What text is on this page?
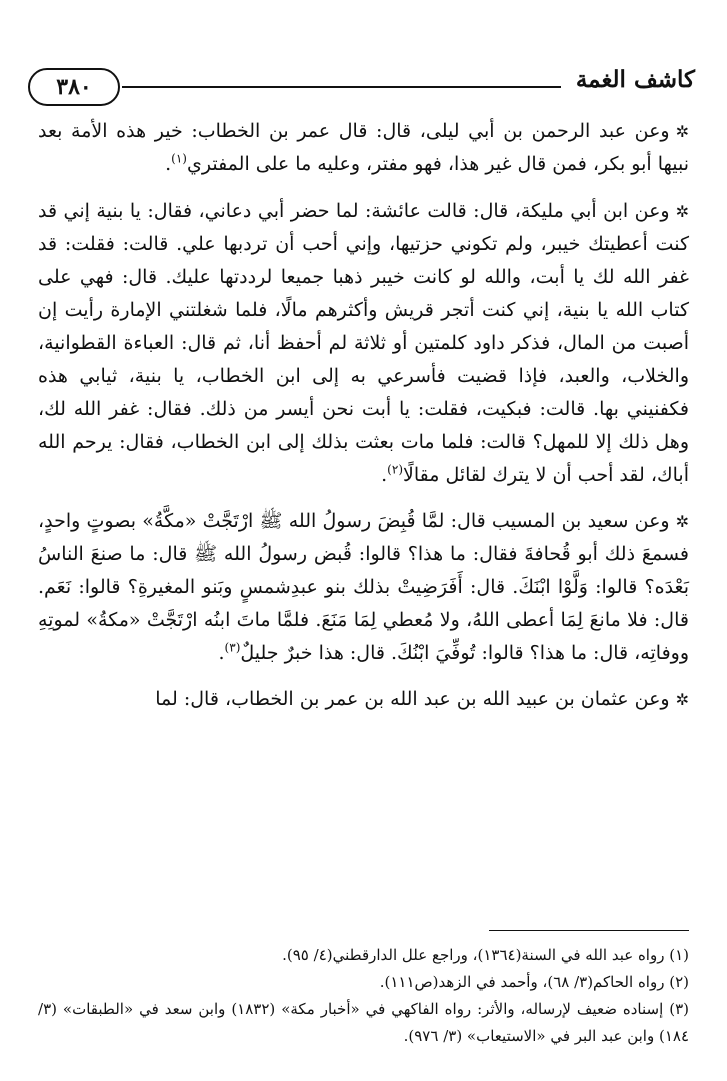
٣٨٠	كاشف الغمة

✲وعن عبد الرحمن بن أبي ليلى، قال: قال عمر بن الخطاب: خير هذه الأمة بعد نبيها أبو بكر، فمن قال غير هذا، فهو مفتر، وعليه ما على المفتري$^{(١)}$.

✲وعن ابن أبي مليكة، قال: قالت عائشة: لما حضر أبي دعاني، فقال: يا بنية إني قد كنت أعطيتك خيبر، ولم تكوني حزتيها، وإني أحب أن تردبها علي. قالت: فقلت: قد غفر الله لك يا أبت، والله لو كانت خيبر ذهبا جميعا لرددتها عليك. قال: فهي على كتاب الله يا بنية، إني كنت أتجر قريش وأكثرهم مالًا، فلما شغلتني الإمارة رأيت إن أصبت من المال، فذكر داود كلمتين أو ثلاثة لم أحفظ أنا، ثم قال: العباءة القطوانية، والخلاب، والعبد، فإذا قضيت فأسرعي به إلى ابن الخطاب، يا بنية، ثيابي هذه فكفنيني بها. قالت: فبكيت، فقلت: يا أبت نحن أيسر من ذلك. فقال: غفر الله لك، وهل ذلك إلا للمهل؟ قالت: فلما مات بعثت بذلك إلى ابن الخطاب، فقال: يرحم الله أباك، لقد أحب أن لا يترك لقائل مقالًا$^{(٢)}$.

✲وعن سعيد بن المسيب قال: لمَّا قُبِضَ رسولُ الله ﷺ ارْتَجَّتْ «مكَّةُ» بصوتٍ واحدٍ، فسمعَ ذلك أبو قُحافةَ فقال: ما هذا؟ قالوا: قُبض رسولُ الله ﷺ قال: ما صنعَ الناسُ بَعْدَه؟ قالوا: وَلَّوْا ابْنَكَ. قال: أَفَرَضِيتْ بذلك بنو عبدِشمسٍ وبَنو المغيرةِ؟ قالوا: نَعَم. قال: فلا مانعَ لِمَا أعطى اللهُ، ولا مُعطي لِمَا مَنَعَ. فلمَّا ماتَ ابنُه ارْتَجَّتْ «مكةُ» لموتِهِ ووفاتِه، قال: ما هذا؟ قالوا: تُوفِّيَ ابْنُكَ. قال: هذا خبرٌ جليلٌ$^{(٣)}$.

✲وعن عثمان بن عبيد الله بن عبد الله بن عمر بن الخطاب، قال: لما

(١) رواه عبد الله في السنة(١٣٦٤)، وراجع علل الدارقطني(٤/ ٩٥).

(٢) رواه الحاكم(٣/ ٦٨)، وأحمد في الزهد(ص١١١).

(٣) إسناده ضعيف لإرساله، والأثر: رواه الفاكهي في «أخبار مكة» (١٨٣٢) وابن سعد في «الطبقات» (٣/ ١٨٤) وابن عبد البر في «الاستيعاب» (٣/ ٩٧٦).
